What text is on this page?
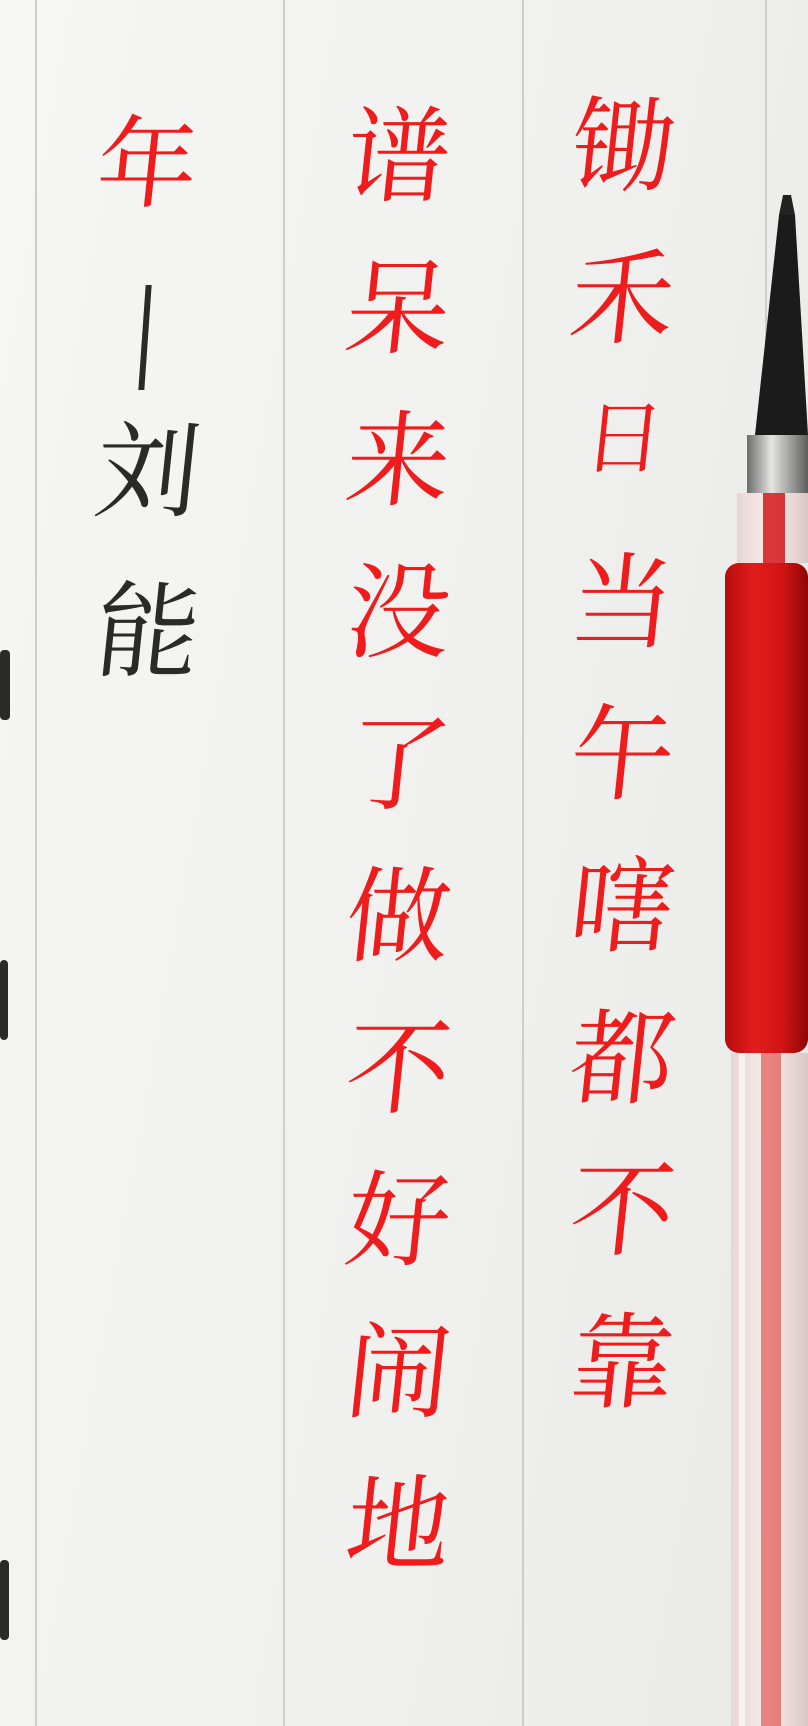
锄
禾
日
当
午
嗐
都
不
靠
谱
呆
来
没
了
做
不
好
闹
地
年
刘
能
